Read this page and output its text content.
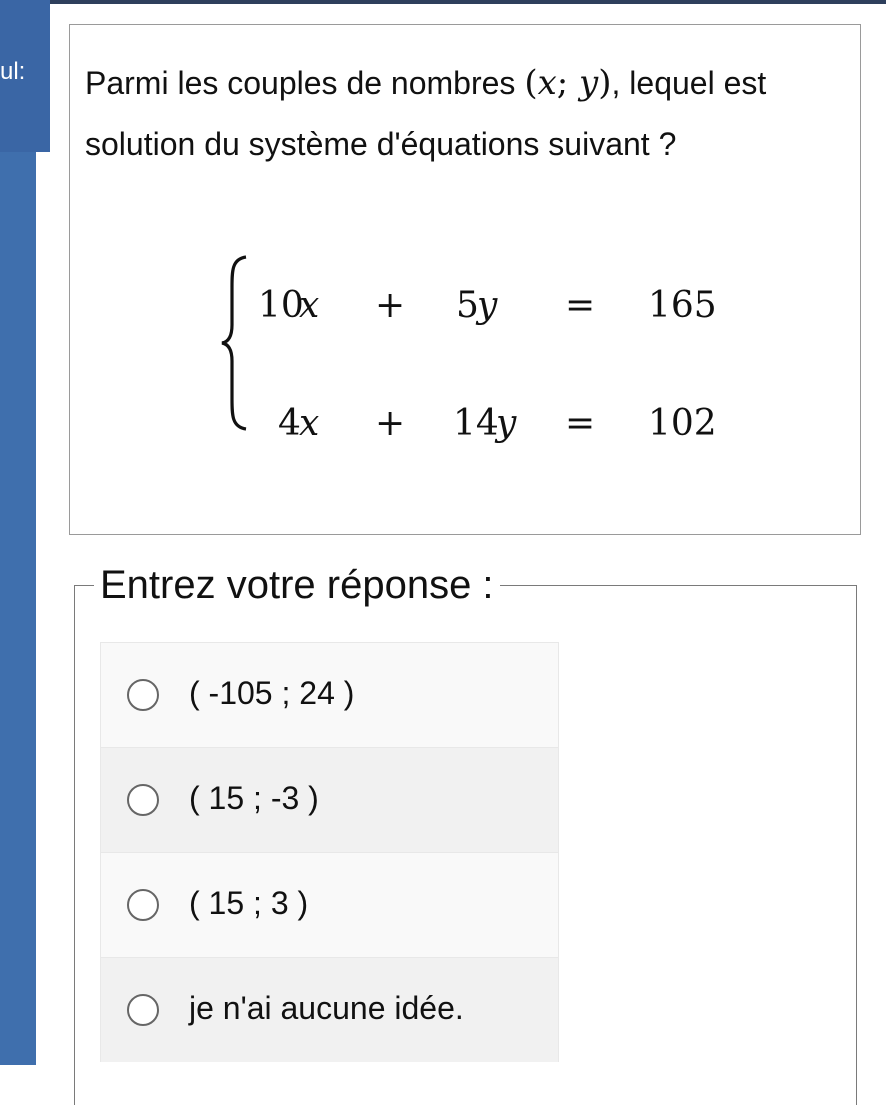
ul: Parmi les couples de nombres (x; y), lequel est solution du système d'équations suivant ?
10
x + 5
y = 165
4
x + 14
y = 102
Entrez votre réponse :
( -105 ; 24 )
( 15 ; -3 )
( 15 ; 3 )
je n'ai aucune idée.
